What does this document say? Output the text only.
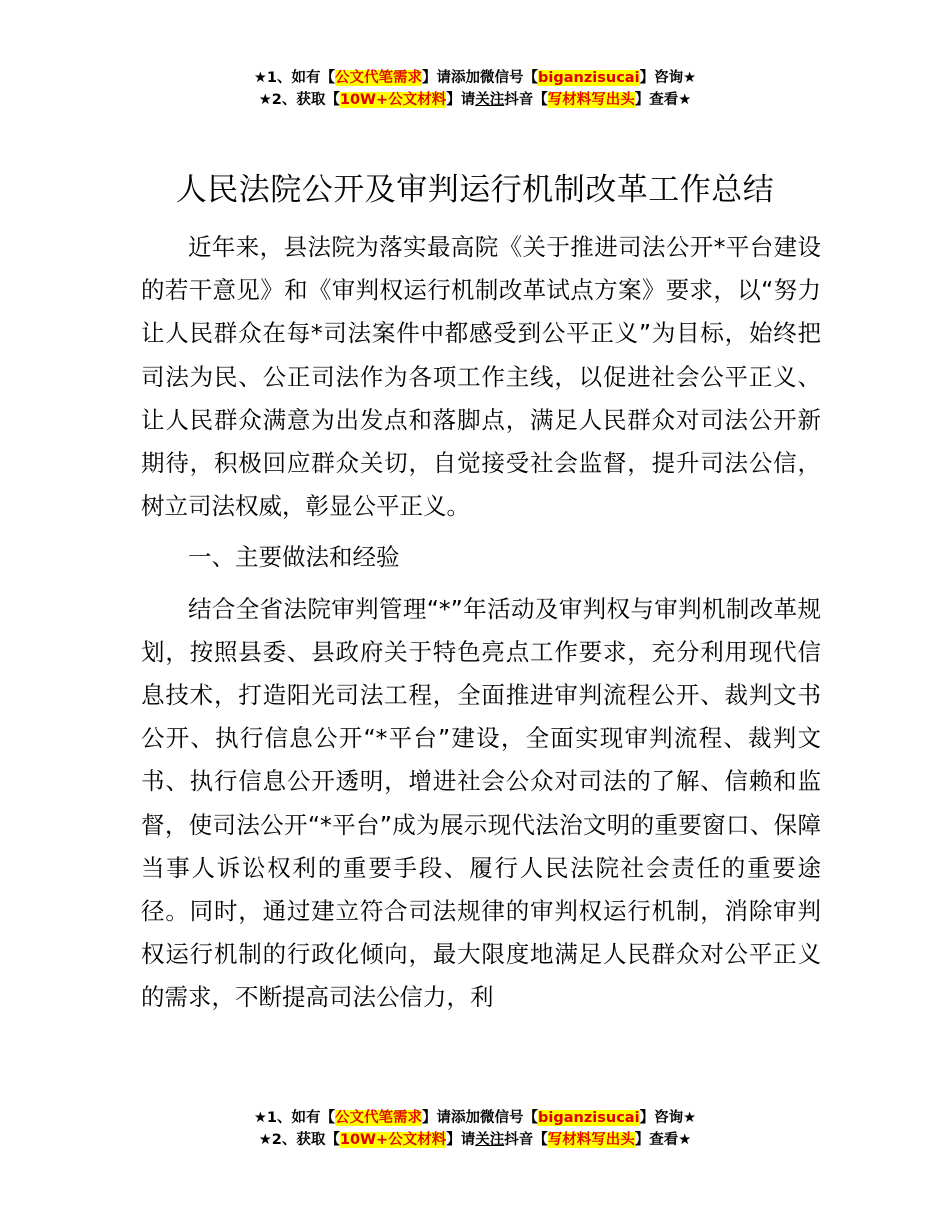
★1、如有【公文代笔需求】请添加微信号【biganzisucai】咨询★
★2、获取【10W+公文材料】请关注抖音【写材料写出头】查看★
人民法院公开及审判运行机制改革工作总结

近年来，县法院为落实最高院《关于推进司法公开*平台建设的若干意见》和《审判权运行机制改革试点方案》要求，以“努力让人民群众在每*司法案件中都感受到公平正义”为目标，始终把司法为民、公正司法作为各项工作主线，以促进社会公平正义、让人民群众满意为出发点和落脚点，满足人民群众对司法公开新期待，积极回应群众关切，自觉接受社会监督，提升司法公信，树立司法权威，彰显公平正义。

一、主要做法和经验

结合全省法院审判管理“*”年活动及审判权与审判机制改革规划，按照县委、县政府关于特色亮点工作要求，充分利用现代信息技术，打造阳光司法工程，全面推进审判流程公开、裁判文书公开、执行信息公开“*平台”建设，全面实现审判流程、裁判文书、执行信息公开透明，增进社会公众对司法的了解、信赖和监督，使司法公开“*平台”成为展示现代法治文明的重要窗口、保障当事人诉讼权利的重要手段、履行人民法院社会责任的重要途径。同时，通过建立符合司法规律的审判权运行机制，消除审判权运行机制的行政化倾向，最大限度地满足人民群众对公平正义的需求，不断提高司法公信力，利

★1、如有【公文代笔需求】请添加微信号【biganzisucai】咨询★
★2、获取【10W+公文材料】请关注抖音【写材料写出头】查看★
